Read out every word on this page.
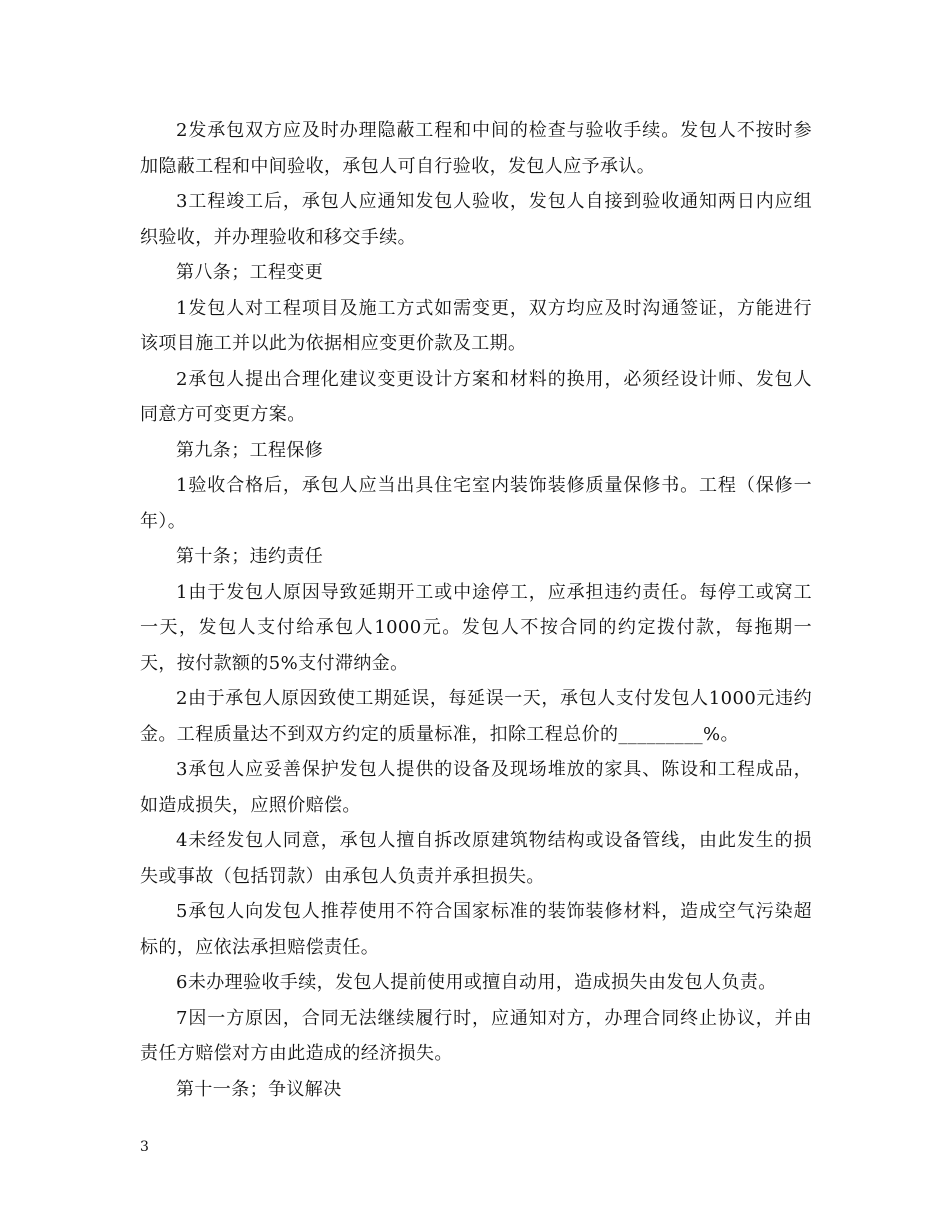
2发承包双方应及时办理隐蔽工程和中间的检查与验收手续。发包人不按时参加隐蔽工程和中间验收，承包人可自行验收，发包人应予承认。

3工程竣工后，承包人应通知发包人验收，发包人自接到验收通知两日内应组织验收，并办理验收和移交手续。

第八条；工程变更

1发包人对工程项目及施工方式如需变更，双方均应及时沟通签证，方能进行该项目施工并以此为依据相应变更价款及工期。

2承包人提出合理化建议变更设计方案和材料的换用，必须经设计师、发包人同意方可变更方案。

第九条；工程保修

1验收合格后，承包人应当出具住宅室内装饰装修质量保修书。工程（保修一年）。

第十条；违约责任

1由于发包人原因导致延期开工或中途停工，应承担违约责任。每停工或窝工一天，发包人支付给承包人1000元。发包人不按合同的约定拨付款，每拖期一天，按付款额的5%支付滞纳金。

2由于承包人原因致使工期延误，每延误一天，承包人支付发包人1000元违约金。工程质量达不到双方约定的质量标准，扣除工程总价的_________%。

3承包人应妥善保护发包人提供的设备及现场堆放的家具、陈设和工程成品，如造成损失，应照价赔偿。

4未经发包人同意，承包人擅自拆改原建筑物结构或设备管线，由此发生的损失或事故（包括罚款）由承包人负责并承担损失。

5承包人向发包人推荐使用不符合国家标准的装饰装修材料，造成空气污染超标的，应依法承担赔偿责任。

6未办理验收手续，发包人提前使用或擅自动用，造成损失由发包人负责。

7因一方原因，合同无法继续履行时，应通知对方，办理合同终止协议，并由责任方赔偿对方由此造成的经济损失。

第十一条；争议解决

3
